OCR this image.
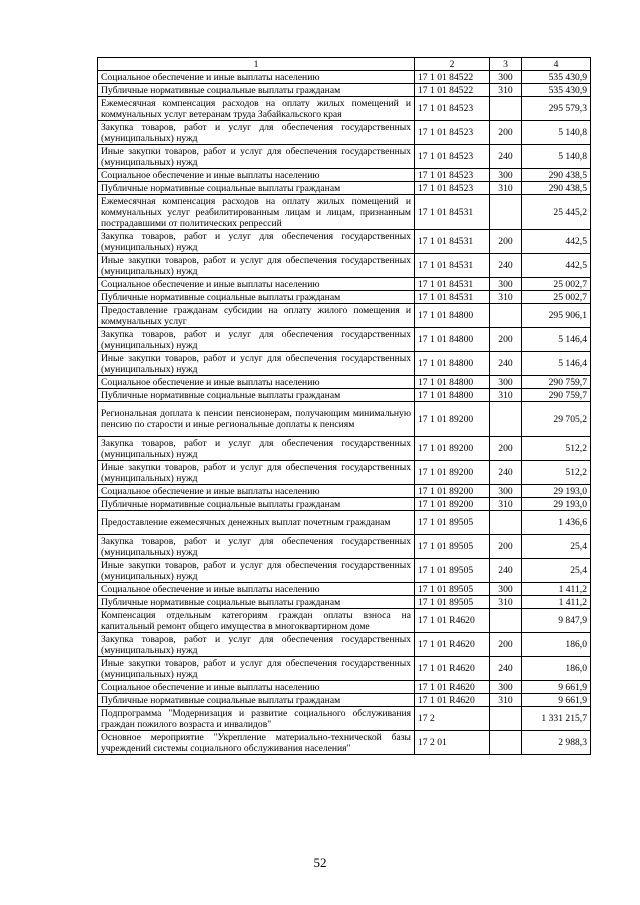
1	2	3	4
Социальное обеспечение и иные выплаты населению	17 1 01 84522	300	535 430,9
Публичные нормативные социальные выплаты гражданам	17 1 01 84522	310	535 430,9
Ежемесячная компенсация расходов на оплату жилых помещений и коммунальных услуг ветеранам труда Забайкальского края	17 1 01 84523		295 579,3
Закупка товаров, работ и услуг для обеспечения государственных (муниципальных) нужд	17 1 01 84523	200	5 140,8
Иные закупки товаров, работ и услуг для обеспечения государственных (муниципальных) нужд	17 1 01 84523	240	5 140,8
Социальное обеспечение и иные выплаты населению	17 1 01 84523	300	290 438,5
Публичные нормативные социальные выплаты гражданам	17 1 01 84523	310	290 438,5
Ежемесячная компенсация расходов на оплату жилых помещений и коммунальных услуг реабилитированным лицам и лицам, признанным пострадавшими от политических репрессий	17 1 01 84531		25 445,2
Закупка товаров, работ и услуг для обеспечения государственных (муниципальных) нужд	17 1 01 84531	200	442,5
Иные закупки товаров, работ и услуг для обеспечения государственных (муниципальных) нужд	17 1 01 84531	240	442,5
Социальное обеспечение и иные выплаты населению	17 1 01 84531	300	25 002,7
Публичные нормативные социальные выплаты гражданам	17 1 01 84531	310	25 002,7
Предоставление гражданам субсидии на оплату жилого помещения и коммунальных услуг	17 1 01 84800		295 906,1
Закупка товаров, работ и услуг для обеспечения государственных (муниципальных) нужд	17 1 01 84800	200	5 146,4
Иные закупки товаров, работ и услуг для обеспечения государственных (муниципальных) нужд	17 1 01 84800	240	5 146,4
Социальное обеспечение и иные выплаты населению	17 1 01 84800	300	290 759,7
Публичные нормативные социальные выплаты гражданам	17 1 01 84800	310	290 759,7
Региональная доплата к пенсии пенсионерам, получающим минимальную пенсию по старости и иные региональные доплаты к пенсиям	17 1 01 89200		29 705,2
Закупка товаров, работ и услуг для обеспечения государственных (муниципальных) нужд	17 1 01 89200	200	512,2
Иные закупки товаров, работ и услуг для обеспечения государственных (муниципальных) нужд	17 1 01 89200	240	512,2
Социальное обеспечение и иные выплаты населению	17 1 01 89200	300	29 193,0
Публичные нормативные социальные выплаты гражданам	17 1 01 89200	310	29 193,0
Предоставление ежемесячных денежных выплат почетным гражданам	17 1 01 89505		1 436,6
Закупка товаров, работ и услуг для обеспечения государственных (муниципальных) нужд	17 1 01 89505	200	25,4
Иные закупки товаров, работ и услуг для обеспечения государственных (муниципальных) нужд	17 1 01 89505	240	25,4
Социальное обеспечение и иные выплаты населению	17 1 01 89505	300	1 411,2
Публичные нормативные социальные выплаты гражданам	17 1 01 89505	310	1 411,2
Компенсация отдельным категориям граждан оплаты взноса на капитальный ремонт общего имущества в многоквартирном доме	17 1 01 R4620		9 847,9
Закупка товаров, работ и услуг для обеспечения государственных (муниципальных) нужд	17 1 01 R4620	200	186,0
Иные закупки товаров, работ и услуг для обеспечения государственных (муниципальных) нужд	17 1 01 R4620	240	186,0
Социальное обеспечение и иные выплаты населению	17 1 01 R4620	300	9 661,9
Публичные нормативные социальные выплаты гражданам	17 1 01 R4620	310	9 661,9
Подпрограмма "Модернизация и развитие социального обслуживания граждан пожилого возраста и инвалидов"	17 2		1 331 215,7
Основное мероприятие "Укрепление материально-технической базы учреждений системы социального обслуживания населения"	17 2 01		2 988,3
52
